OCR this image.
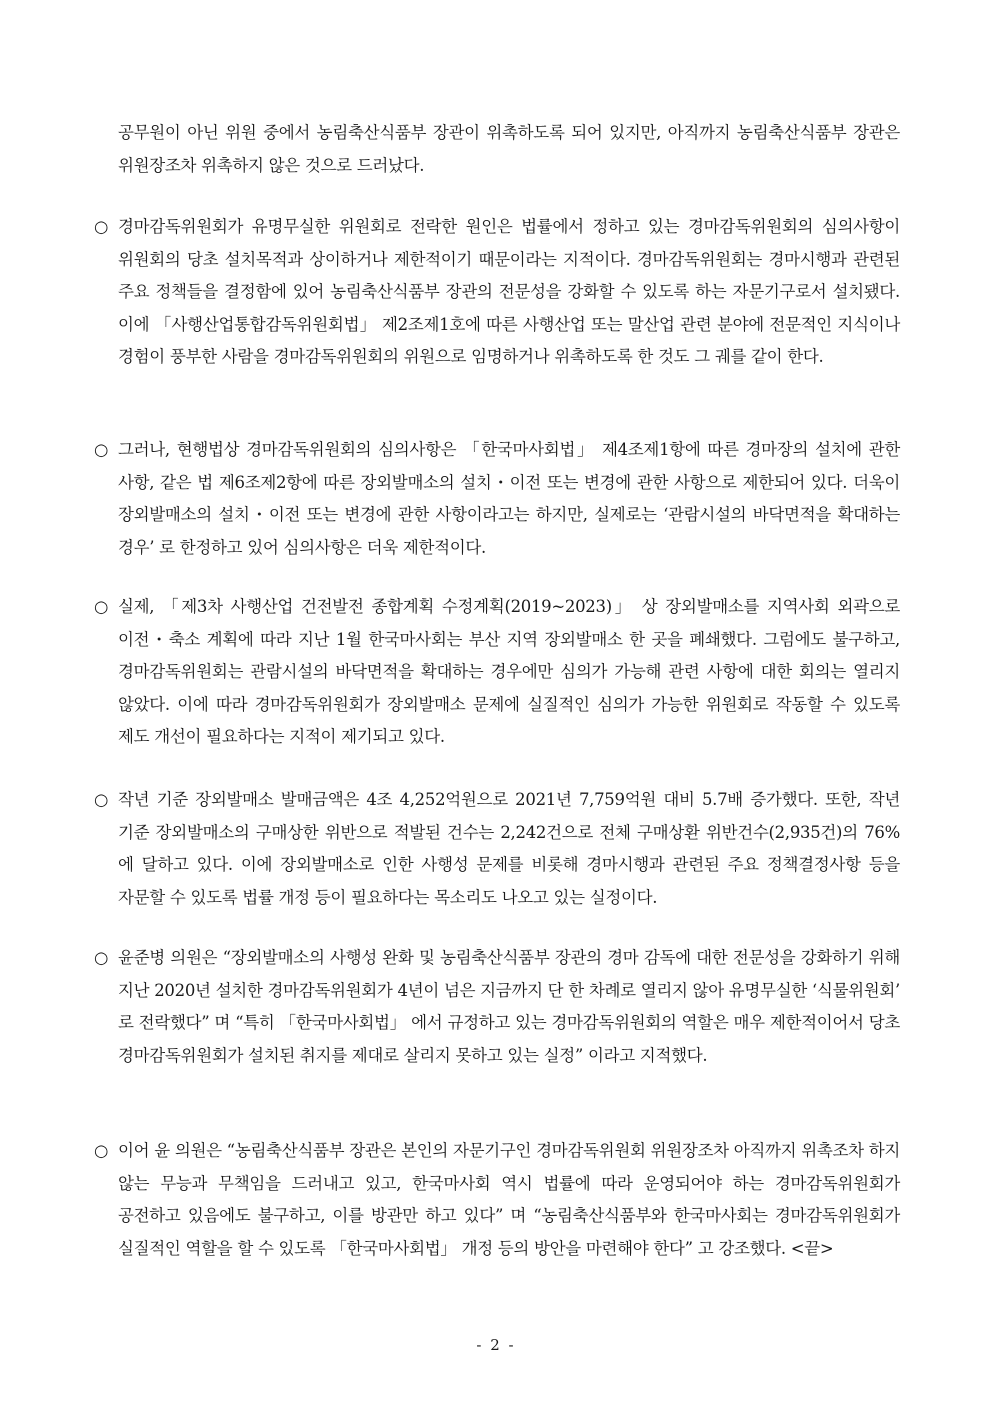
공무원이 아닌 위원 중에서 농림축산식품부 장관이 위촉하도록 되어 있지만, 아직까지 농림축산식품부 장관은 위원장조차 위촉하지 않은 것으로 드러났다.
○ 경마감독위원회가 유명무실한 위원회로 전락한 원인은 법률에서 정하고 있는 경마감독위원회의 심의사항이 위원회의 당초 설치목적과 상이하거나 제한적이기 때문이라는 지적이다. 경마감독위원회는 경마시행과 관련된 주요 정책들을 결정함에 있어 농림축산식품부 장관의 전문성을 강화할 수 있도록 하는 자문기구로서 설치됐다. 이에 「사행산업통합감독위원회법」 제2조제1호에 따른 사행산업 또는 말산업 관련 분야에 전문적인 지식이나 경험이 풍부한 사람을 경마감독위원회의 위원으로 임명하거나 위촉하도록 한 것도 그 궤를 같이 한다.
○ 그러나, 현행법상 경마감독위원회의 심의사항은 「한국마사회법」 제4조제1항에 따른 경마장의 설치에 관한 사항, 같은 법 제6조제2항에 따른 장외발매소의 설치・이전 또는 변경에 관한 사항으로 제한되어 있다. 더욱이 장외발매소의 설치・이전 또는 변경에 관한 사항이라고는 하지만, 실제로는 ‘관람시설의 바닥면적을 확대하는 경우’ 로 한정하고 있어 심의사항은 더욱 제한적이다.
○ 실제, 「제3차 사행산업 건전발전 종합계획 수정계획(2019~2023)」 상 장외발매소를 지역사회 외곽으로 이전・축소 계획에 따라 지난 1월 한국마사회는 부산 지역 장외발매소 한 곳을 폐쇄했다. 그럼에도 불구하고, 경마감독위원회는 관람시설의 바닥면적을 확대하는 경우에만 심의가 가능해 관련 사항에 대한 회의는 열리지 않았다. 이에 따라 경마감독위원회가 장외발매소 문제에 실질적인 심의가 가능한 위원회로 작동할 수 있도록 제도 개선이 필요하다는 지적이 제기되고 있다.
○ 작년 기준 장외발매소 발매금액은 4조 4,252억원으로 2021년 7,759억원 대비 5.7배 증가했다. 또한, 작년 기준 장외발매소의 구매상한 위반으로 적발된 건수는 2,242건으로 전체 구매상환 위반건수(2,935건)의 76%에 달하고 있다. 이에 장외발매소로 인한 사행성 문제를 비롯해 경마시행과 관련된 주요 정책결정사항 등을 자문할 수 있도록 법률 개정 등이 필요하다는 목소리도 나오고 있는 실정이다.
○ 윤준병 의원은 “장외발매소의 사행성 완화 및 농림축산식품부 장관의 경마 감독에 대한 전문성을 강화하기 위해 지난 2020년 설치한 경마감독위원회가 4년이 넘은 지금까지 단 한 차례로 열리지 않아 유명무실한 ‘식물위원회’ 로 전락했다” 며 “특히 「한국마사회법」 에서 규정하고 있는 경마감독위원회의 역할은 매우 제한적이어서 당초 경마감독위원회가 설치된 취지를 제대로 살리지 못하고 있는 실정” 이라고 지적했다.
○ 이어 윤 의원은 “농림축산식품부 장관은 본인의 자문기구인 경마감독위원회 위원장조차 아직까지 위촉조차 하지 않는 무능과 무책임을 드러내고 있고, 한국마사회 역시 법률에 따라 운영되어야 하는 경마감독위원회가 공전하고 있음에도 불구하고, 이를 방관만 하고 있다” 며 “농림축산식품부와 한국마사회는 경마감독위원회가 실질적인 역할을 할 수 있도록 「한국마사회법」 개정 등의 방안을 마련해야 한다” 고 강조했다. <끝>
- 2 -
